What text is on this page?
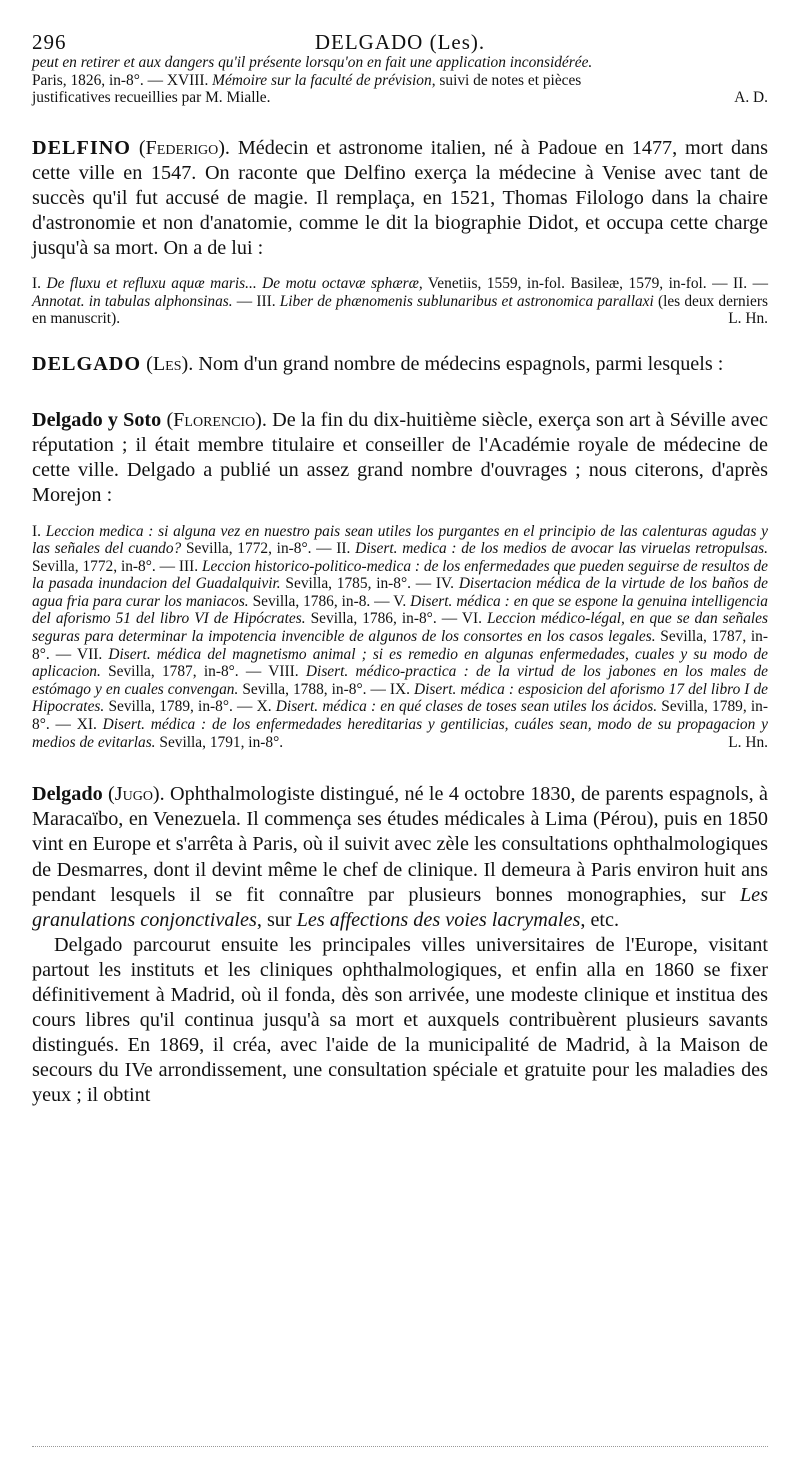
296	DELGADO (Les).

peut en retirer et aux dangers qu'il présente lorsqu'on en fait une application inconsidérée.

Paris, 1826, in-8°. — XVIII. Mémoire sur la faculté de prévision, suivi de notes et pièces

justificatives recueillies par M. Mialle.	A. D.

DELFINO (Federigo). Médecin et astronome italien, né à Padoue en 1477, mort dans cette ville en 1547. On raconte que Delfino exerça la médecine à Venise avec tant de succès qu'il fut accusé de magie. Il remplaça, en 1521, Thomas Filologo dans la chaire d'astronomie et non d'anatomie, comme le dit la biographie Didot, et occupa cette charge jusqu'à sa mort. On a de lui :

I. De fluxu et refluxu aquæ maris... De motu octavæ sphæræ, Venetiis, 1559, in-fol. Basileæ, 1579, in-fol. — II. — Annotat. in tabulas alphonsinas. — III. Liber de phænomenis sublunaribus et astronomica parallaxi (les deux derniers en manuscrit).	L. Hn.

DELGADO (Les). Nom d'un grand nombre de médecins espagnols, parmi lesquels :

Delgado y Soto (Florencio). De la fin du dix-huitième siècle, exerça son art à Séville avec réputation ; il était membre titulaire et conseiller de l'Académie royale de médecine de cette ville. Delgado a publié un assez grand nombre d'ouvrages ; nous citerons, d'après Morejon :

I. Leccion medica : si alguna vez en nuestro pais sean utiles los purgantes en el principio de las calenturas agudas y las señales del cuando? Sevilla, 1772, in-8°. — II. Disert. medica : de los medios de avocar las viruelas retropulsas. Sevilla, 1772, in-8°. — III. Leccion historico-politico-medica : de los enfermedades que pueden seguirse de resultos de la pasada inundacion del Guadalquivir. Sevilla, 1785, in-8°. — IV. Disertacion médica de la virtude de los baños de agua fria para curar los maniacos. Sevilla, 1786, in-8. — V. Disert. médica : en que se espone la genuina intelligencia del aforismo 51 del libro VI de Hipócrates. Sevilla, 1786, in-8°. — VI. Leccion médico-légal, en que se dan señales seguras para determinar la impotencia invencible de algunos de los consortes en los casos legales. Sevilla, 1787, in-8°. — VII. Disert. médica del magnetismo animal ; si es remedio en algunas enfermedades, cuales y su modo de aplicacion. Sevilla, 1787, in-8°. — VIII. Disert. médico-practica : de la virtud de los jabones en los males de estómago y en cuales convengan. Sevilla, 1788, in-8°. — IX. Disert. médica : esposicion del aforismo 17 del libro I de Hipocrates. Sevilla, 1789, in-8°. — X. Disert. médica : en qué clases de toses sean utiles los ácidos. Sevilla, 1789, in-8°. — XI. Disert. médica : de los enfermedades hereditarias y gentilicias, cuáles sean, modo de su propagacion y medios de evitarlas. Sevilla, 1791, in-8°.	L. Hn.

Delgado (Jugo). Ophthalmologiste distingué, né le 4 octobre 1830, de parents espagnols, à Maracaïbo, en Venezuela. Il commença ses études médicales à Lima (Pérou), puis en 1850 vint en Europe et s'arrêta à Paris, où il suivit avec zèle les consultations ophthalmologiques de Desmarres, dont il devint même le chef de clinique. Il demeura à Paris environ huit ans pendant lesquels il se fit connaître par plusieurs bonnes monographies, sur Les granulations conjonctivales, sur Les affections des voies lacrymales, etc.

Delgado parcourut ensuite les principales villes universitaires de l'Europe, visitant partout les instituts et les cliniques ophthalmologiques, et enfin alla en 1860 se fixer définitivement à Madrid, où il fonda, dès son arrivée, une modeste clinique et institua des cours libres qu'il continua jusqu'à sa mort et auxquels contribuèrent plusieurs savants distingués. En 1869, il créa, avec l'aide de la municipalité de Madrid, à la Maison de secours du IVe arrondissement, une consultation spéciale et gratuite pour les maladies des yeux ; il obtint
